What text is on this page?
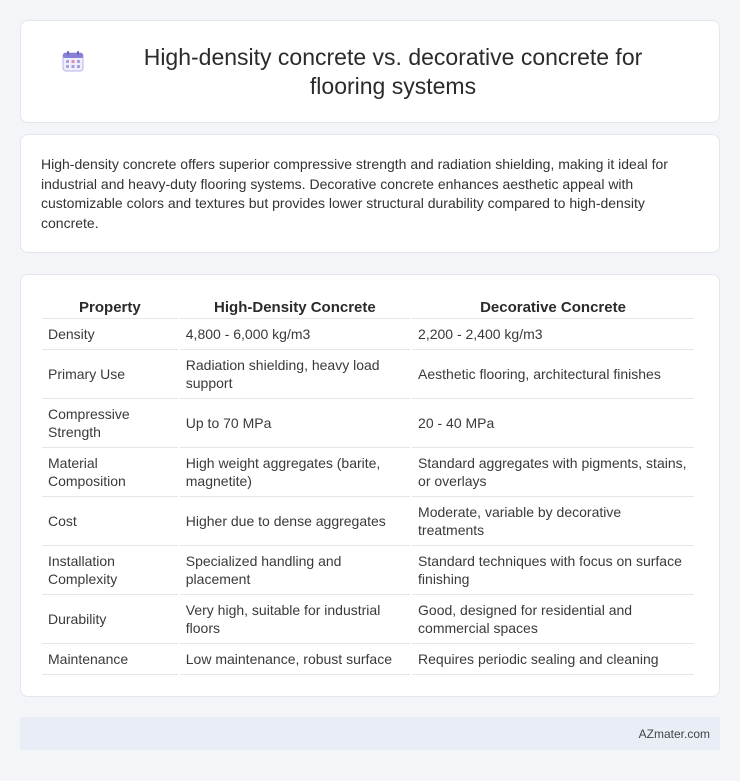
High-density concrete vs. decorative concrete for flooring systems

High-density concrete offers superior compressive strength and radiation shielding, making it ideal for industrial and heavy-duty flooring systems. Decorative concrete enhances aesthetic appeal with customizable colors and textures but provides lower structural durability compared to high-density concrete.

Property	High-Density Concrete	Decorative Concrete
Density	4,800 - 6,000 kg/m3	2,200 - 2,400 kg/m3
Primary Use	Radiation shielding, heavy load support	Aesthetic flooring, architectural finishes
Compressive Strength	Up to 70 MPa	20 - 40 MPa
Material Composition	High weight aggregates (barite, magnetite)	Standard aggregates with pigments, stains, or overlays
Cost	Higher due to dense aggregates	Moderate, variable by decorative treatments
Installation Complexity	Specialized handling and placement	Standard techniques with focus on surface finishing
Durability	Very high, suitable for industrial floors	Good, designed for residential and commercial spaces
Maintenance	Low maintenance, robust surface	Requires periodic sealing and cleaning
AZmater.com
